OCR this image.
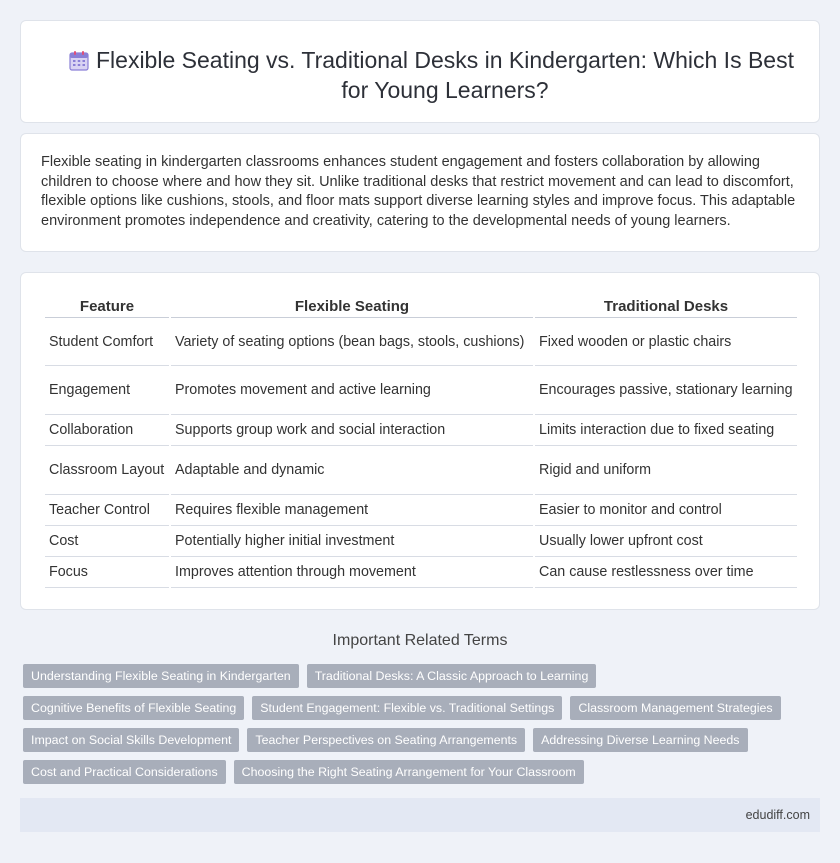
Flexible Seating vs. Traditional Desks in Kindergarten: Which Is Best for Young Learners?

Flexible seating in kindergarten classrooms enhances student engagement and fosters collaboration by allowing children to choose where and how they sit. Unlike traditional desks that restrict movement and can lead to discomfort, flexible options like cushions, stools, and floor mats support diverse learning styles and improve focus. This adaptable environment promotes independence and creativity, catering to the developmental needs of young learners.

Feature	Flexible Seating	Traditional Desks
Student Comfort	Variety of seating options (bean bags, stools, cushions)	Fixed wooden or plastic chairs
Engagement	Promotes movement and active learning	Encourages passive, stationary learning
Collaboration	Supports group work and social interaction	Limits interaction due to fixed seating
Classroom Layout	Adaptable and dynamic	Rigid and uniform
Teacher Control	Requires flexible management	Easier to monitor and control
Cost	Potentially higher initial investment	Usually lower upfront cost
Focus	Improves attention through movement	Can cause restlessness over time
Important Related Terms
Understanding Flexible Seating in Kindergarten	Traditional Desks: A Classic Approach to Learning
Cognitive Benefits of Flexible Seating	Student Engagement: Flexible vs. Traditional Settings	Classroom Management Strategies
Impact on Social Skills Development	Teacher Perspectives on Seating Arrangements	Addressing Diverse Learning Needs
Cost and Practical Considerations	Choosing the Right Seating Arrangement for Your Classroom
edudiff.com
